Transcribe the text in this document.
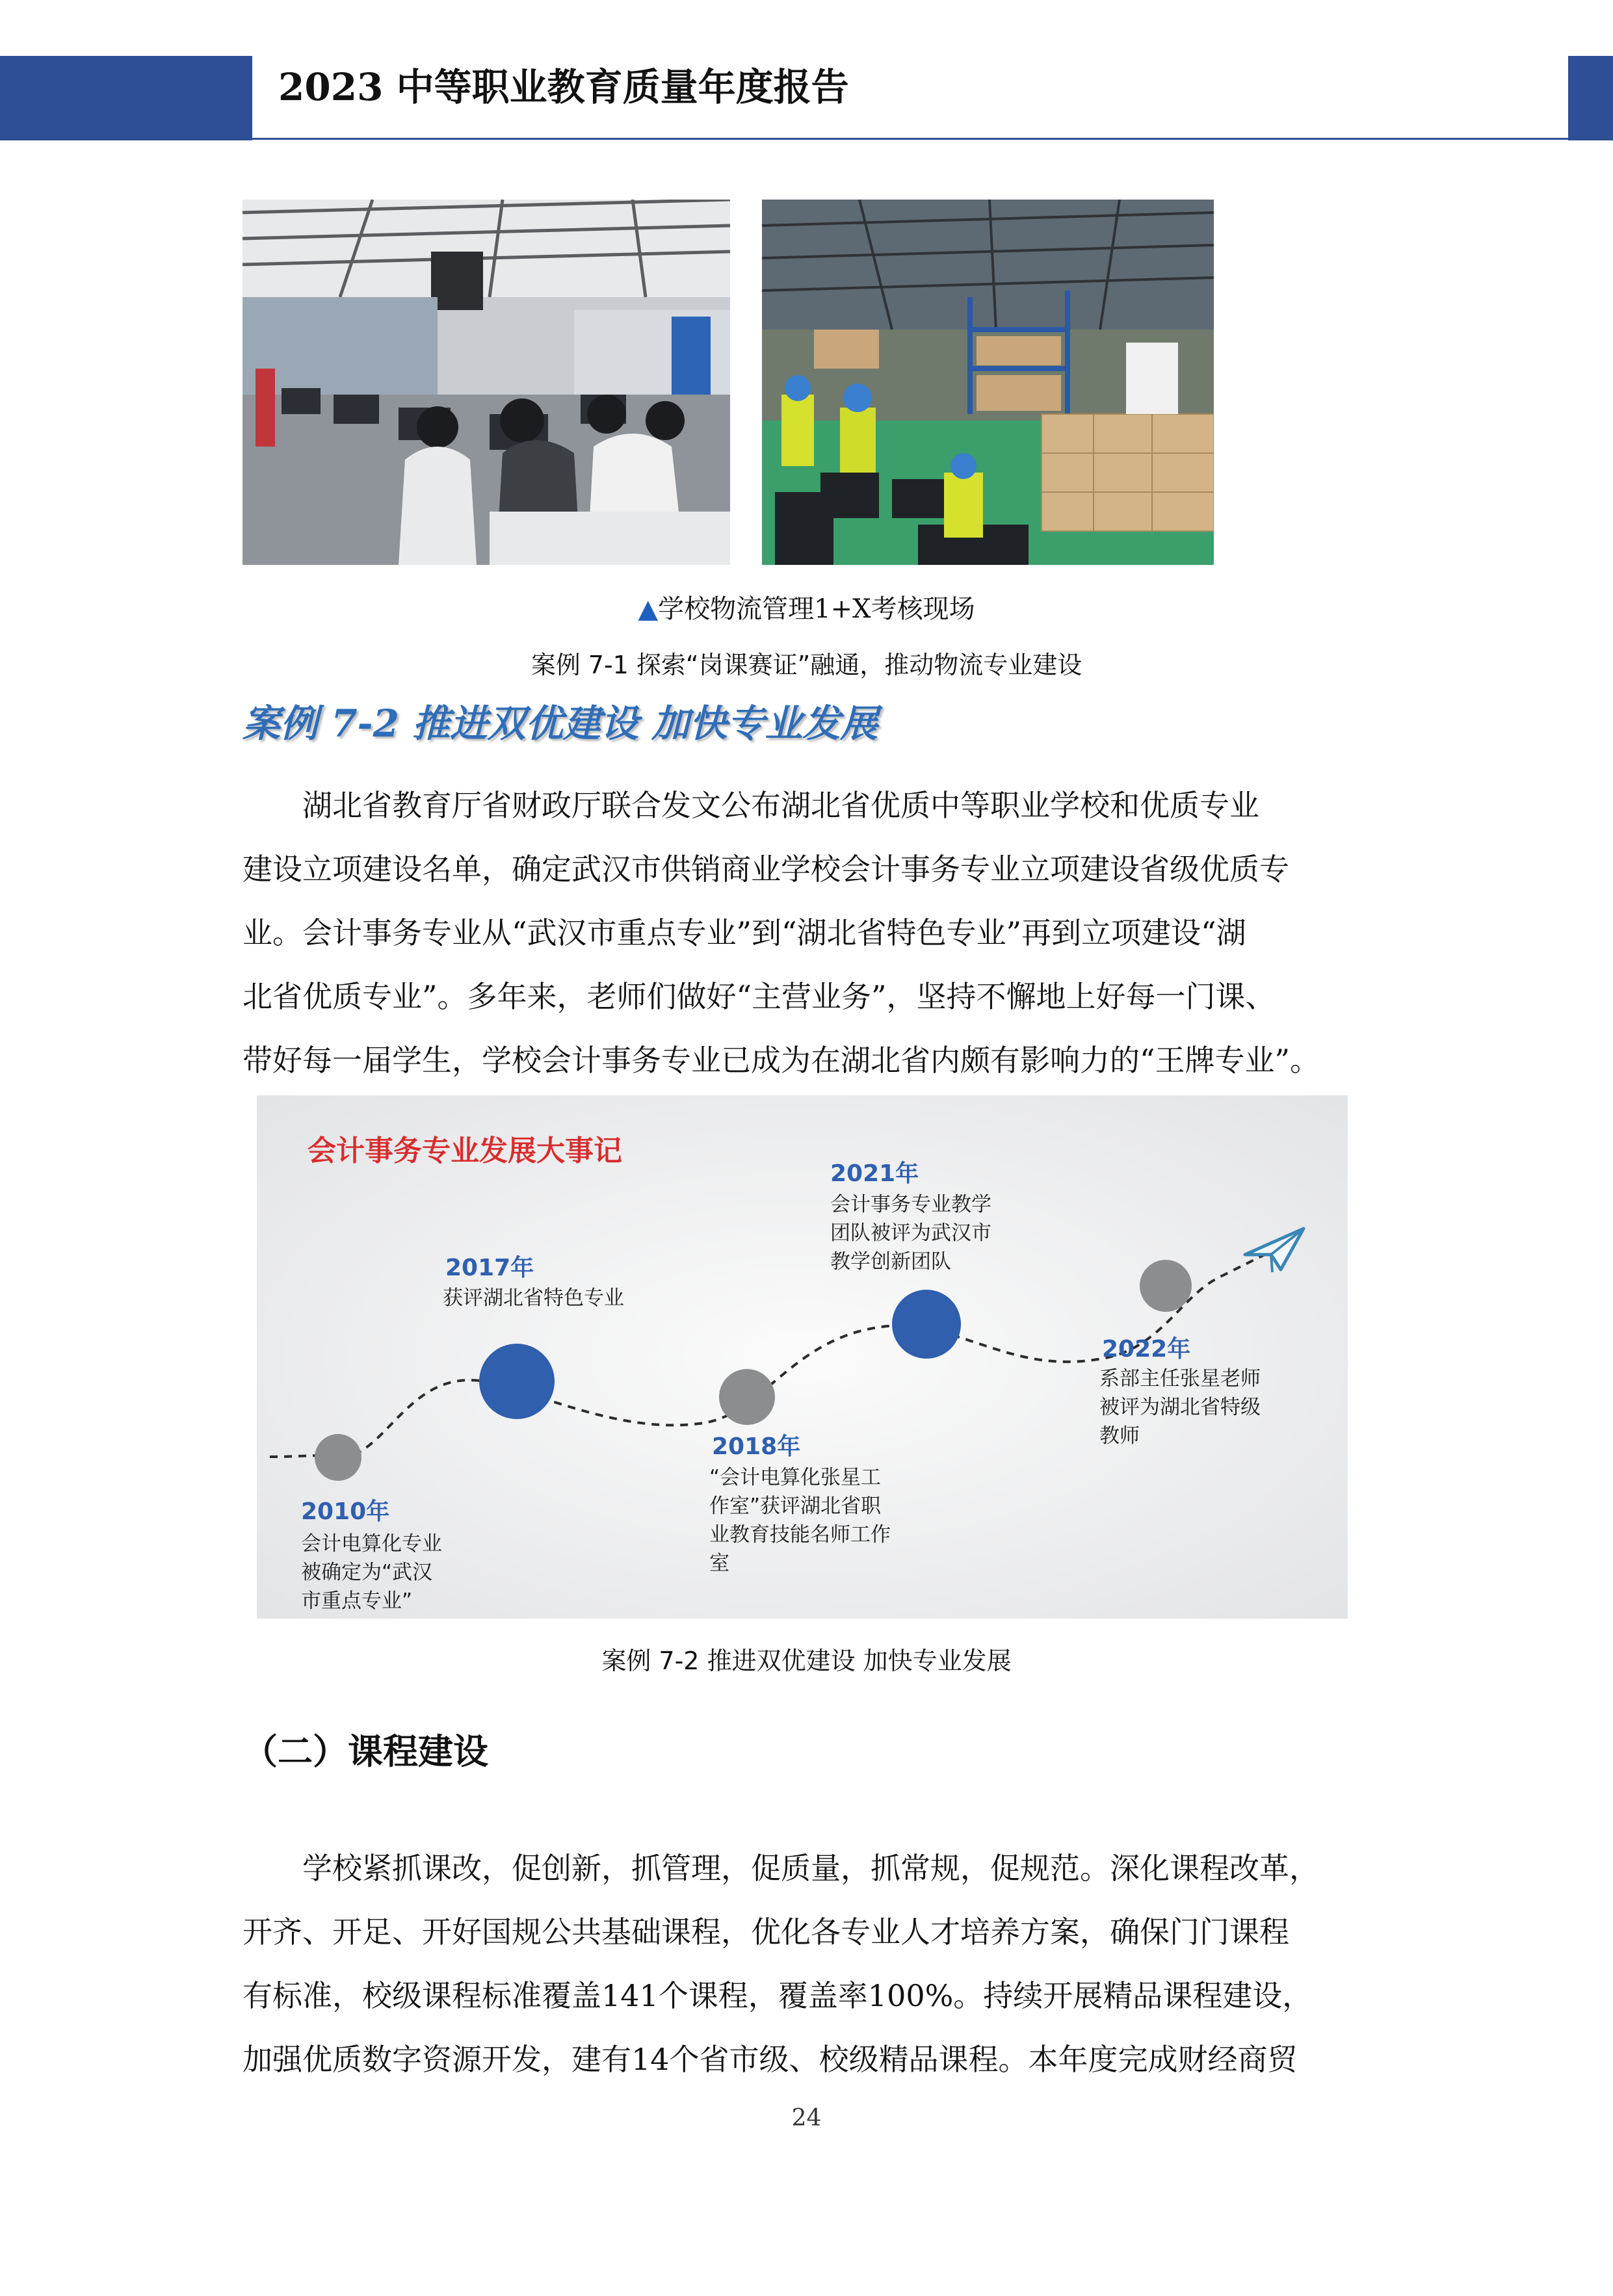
2023 中等职业教育质量年度报告
▲学校物流管理1+X考核现场
案例 7-1 探索“岗课赛证”融通，推动物流专业建设
案例 7-2 推进双优建设 加快专业发展
湖北省教育厅省财政厅联合发文公布湖北省优质中等职业学校和优质专业
建设立项建设名单，确定武汉市供销商业学校会计事务专业立项建设省级优质专
业。会计事务专业从“武汉市重点专业”到“湖北省特色专业”再到立项建设“湖
北省优质专业”。多年来，老师们做好“主营业务”，坚持不懈地上好每一门课、
带好每一届学生，学校会计事务专业已成为在湖北省内颇有影响力的“王牌专业”。
会计事务专业发展大事记
2010年
会计电算化专业
被确定为“武汉
市重点专业”
2017年
获评湖北省特色专业
2018年
“会计电算化张星工
作室”获评湖北省职
业教育技能名师工作
室
2021年
会计事务专业教学
团队被评为武汉市
教学创新团队
2022年
系部主任张星老师
被评为湖北省特级
教师
案例 7-2 推进双优建设 加快专业发展
（二）课程建设
学校紧抓课改，促创新，抓管理，促质量，抓常规，促规范。深化课程改革，
开齐、开足、开好国规公共基础课程，优化各专业人才培养方案，确保门门课程
有标准，校级课程标准覆盖141个课程，覆盖率100%。持续开展精品课程建设，
加强优质数字资源开发，建有14个省市级、校级精品课程。本年度完成财经商贸
24
